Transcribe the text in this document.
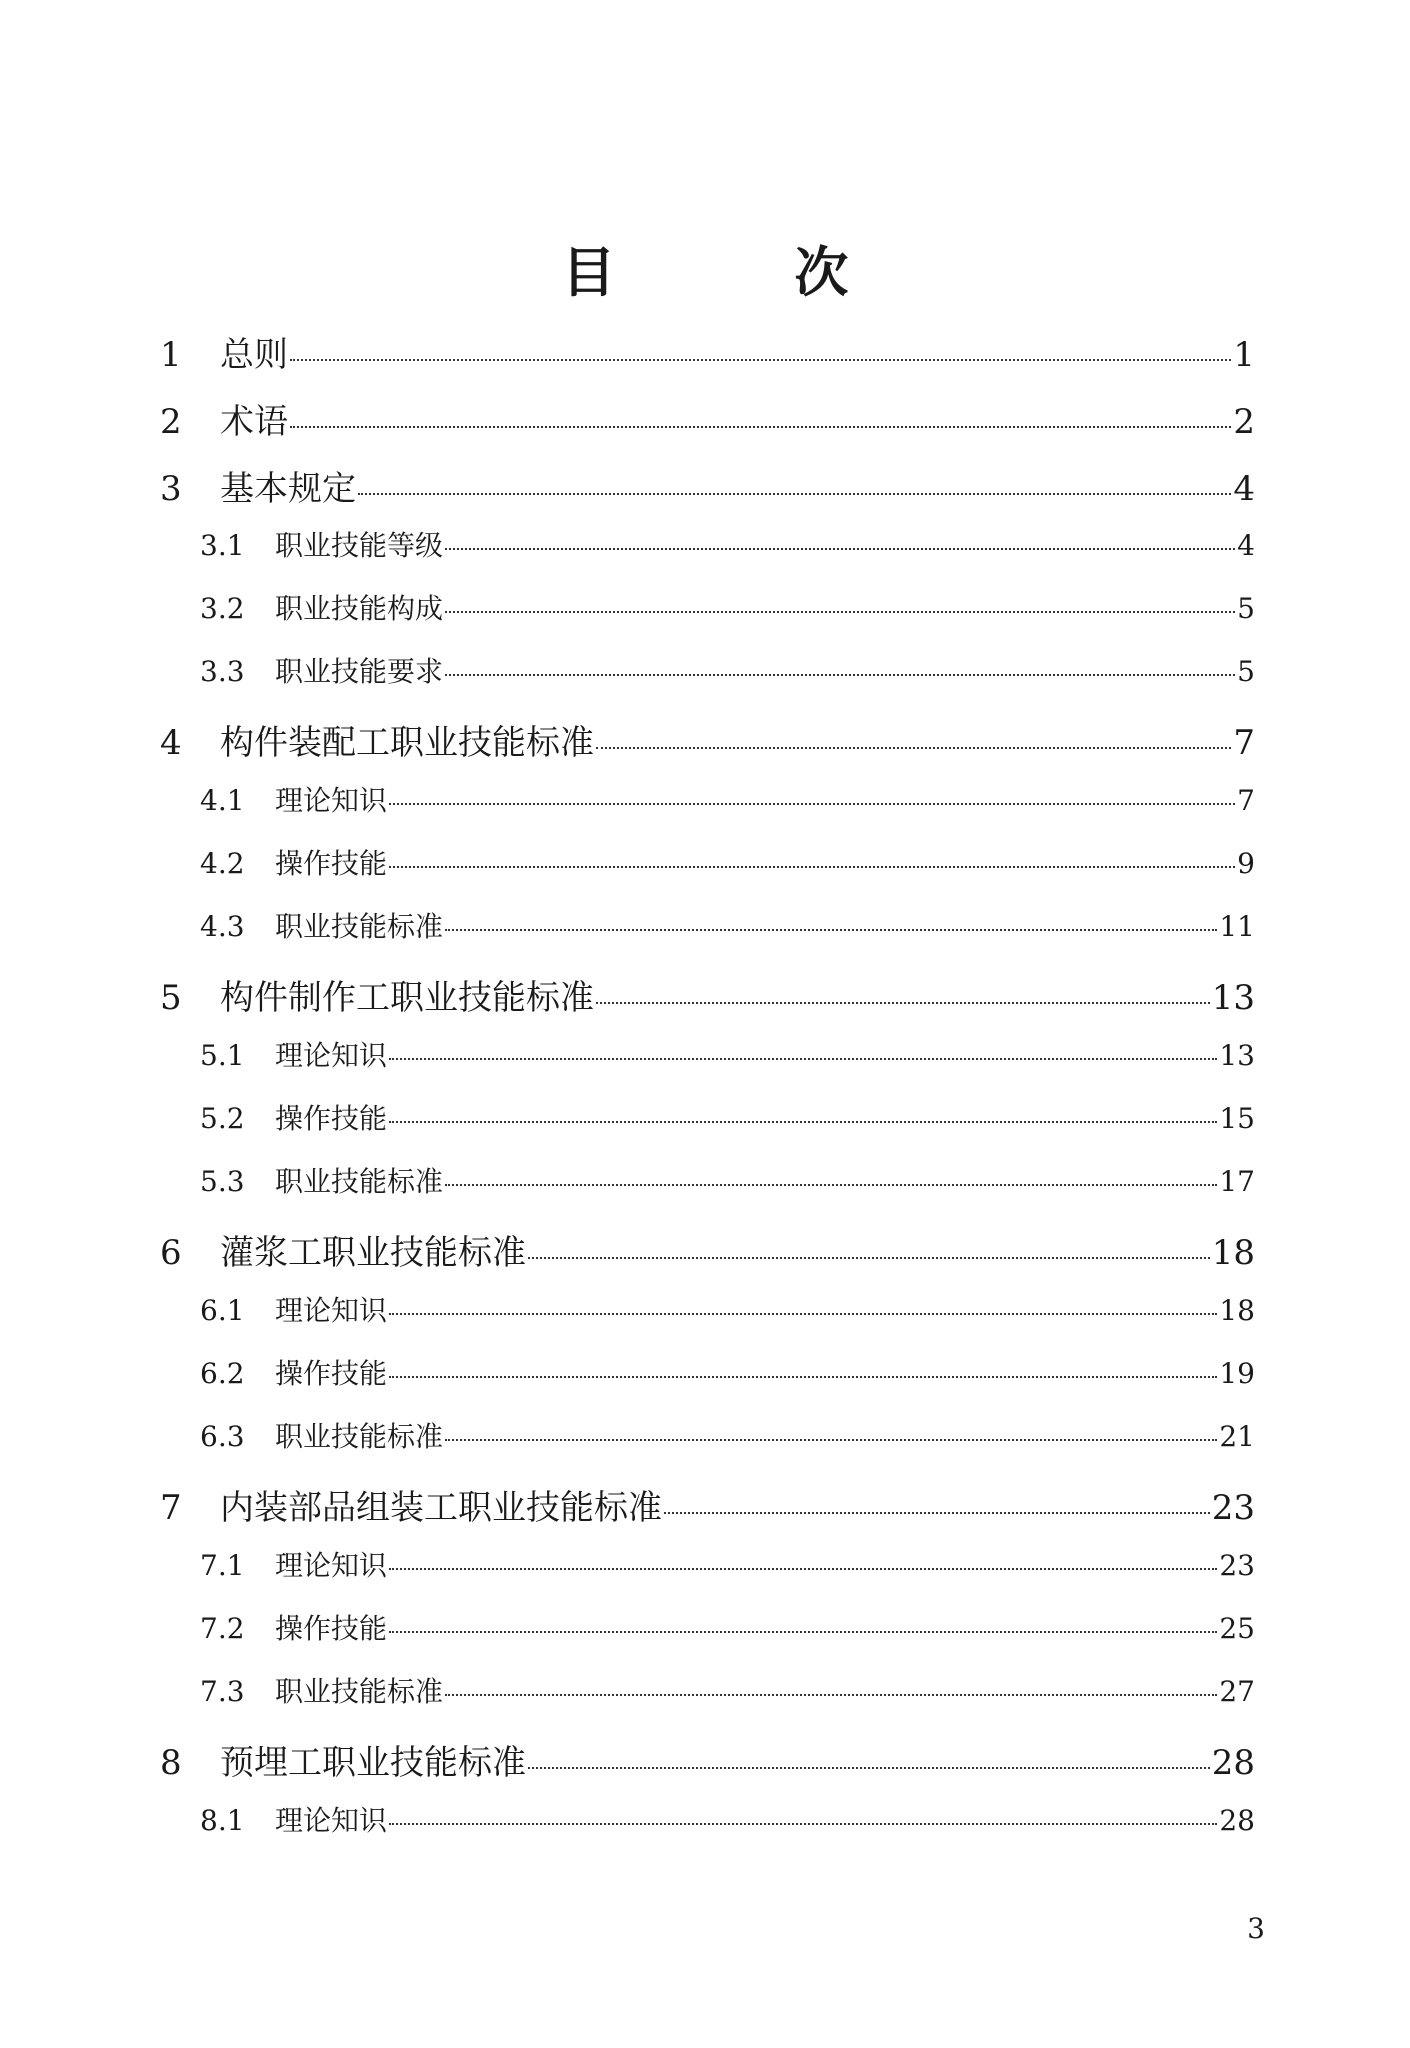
目 次
1	总则	1
2	术语	2
3	基本规定	4
3.1	职业技能等级	4
3.2	职业技能构成	5
3.3	职业技能要求	5
4	构件装配工职业技能标准	7
4.1	理论知识	7
4.2	操作技能	9
4.3	职业技能标准	11
5	构件制作工职业技能标准	13
5.1	理论知识	13
5.2	操作技能	15
5.3	职业技能标准	17
6	灌浆工职业技能标准	18
6.1	理论知识	18
6.2	操作技能	19
6.3	职业技能标准	21
7	内装部品组装工职业技能标准	23
7.1	理论知识	23
7.2	操作技能	25
7.3	职业技能标准	27
8	预埋工职业技能标准	28
8.1	理论知识	28
3
